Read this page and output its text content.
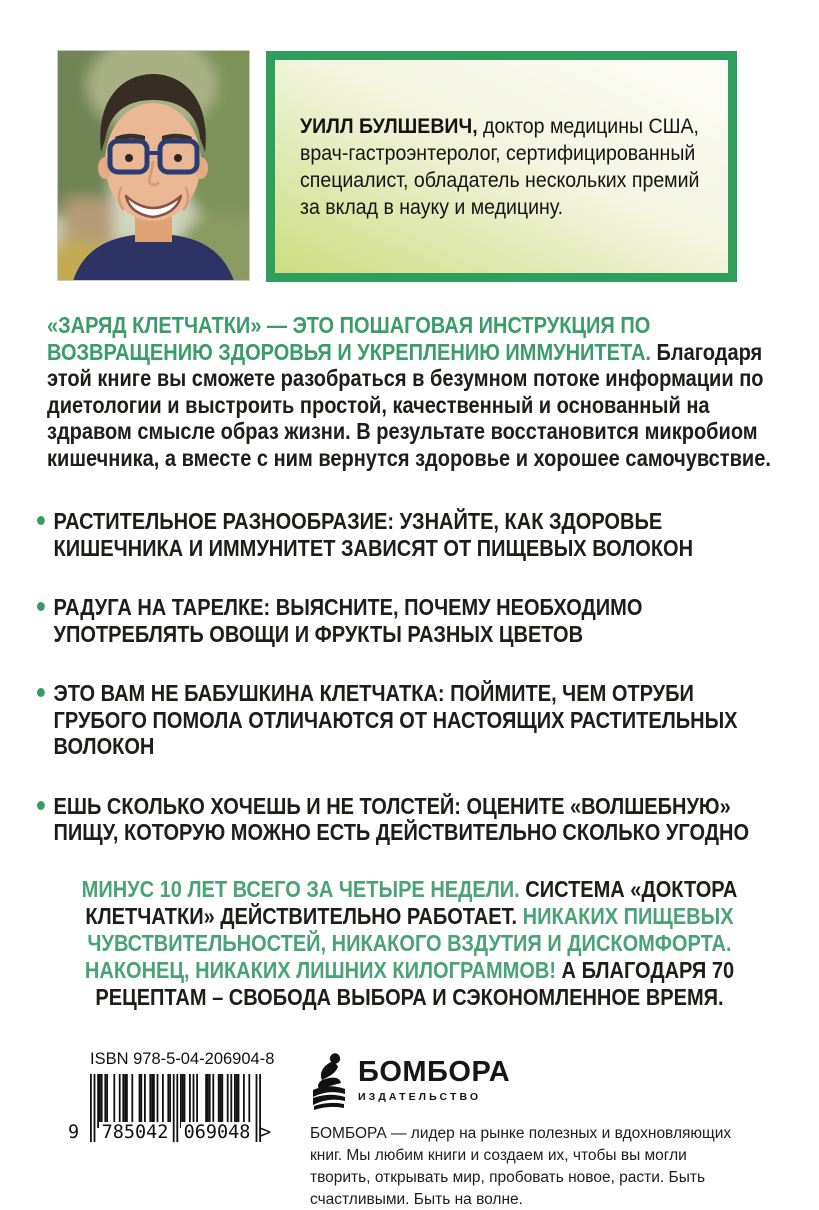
УИЛЛ БУЛШЕВИЧ, доктор медицины США, врач-гастроэнтеролог, сертифицированный специалист, обладатель нескольких премий за вклад в науку и медицину.
«ЗАРЯД КЛЕТЧАТКИ» — ЭТО ПОШАГОВАЯ ИНСТРУКЦИЯ ПО ВОЗВРАЩЕНИЮ ЗДОРОВЬЯ И УКРЕПЛЕНИЮ ИММУНИТЕТА. Благодаря этой книге вы сможете разобраться в безумном потоке информации по диетологии и выстроить простой, качественный и основанный на здравом смысле образ жизни. В результате восстановится микробиом кишечника, а вместе с ним вернутся здоровье и хорошее самочувствие.
РАСТИТЕЛЬНОЕ РАЗНООБРАЗИЕ: УЗНАЙТЕ, КАК ЗДОРОВЬЕ КИШЕЧНИКА И ИММУНИТЕТ ЗАВИСЯТ ОТ ПИЩЕВЫХ ВОЛОКОН
РАДУГА НА ТАРЕЛКЕ: ВЫЯСНИТЕ, ПОЧЕМУ НЕОБХОДИМО УПОТРЕБЛЯТЬ ОВОЩИ И ФРУКТЫ РАЗНЫХ ЦВЕТОВ
ЭТО ВАМ НЕ БАБУШКИНА КЛЕТЧАТКА: ПОЙМИТЕ, ЧЕМ ОТРУБИ ГРУБОГО ПОМОЛА ОТЛИЧАЮТСЯ ОТ НАСТОЯЩИХ РАСТИТЕЛЬНЫХ ВОЛОКОН
ЕШЬ СКОЛЬКО ХОЧЕШЬ И НЕ ТОЛСТЕЙ: ОЦЕНИТЕ «ВОЛШЕБНУЮ» ПИЩУ, КОТОРУЮ МОЖНО ЕСТЬ ДЕЙСТВИТЕЛЬНО СКОЛЬКО УГОДНО
МИНУС 10 ЛЕТ ВСЕГО ЗА ЧЕТЫРЕ НЕДЕЛИ. СИСТЕМА «ДОКТОРА КЛЕТЧАТКИ» ДЕЙСТВИТЕЛЬНО РАБОТАЕТ. НИКАКИХ ПИЩЕВЫХ ЧУВСТВИТЕЛЬНОСТЕЙ, НИКАКОГО ВЗДУТИЯ И ДИСКОМФОРТА. НАКОНЕЦ, НИКАКИХ ЛИШНИХ КИЛОГРАММОВ! А БЛАГОДАРЯ 70 РЕЦЕПТАМ – СВОБОДА ВЫБОРА И СЭКОНОМЛЕННОЕ ВРЕМЯ.
ISBN 978-5-04-206904-8
9 785042 069048 >
БОМБОРА
ИЗДАТЕЛЬСТВО
БОМБОРА — лидер на рынке полезных и вдохновляющих книг. Мы любим книги и создаем их, чтобы вы могли творить, открывать мир, пробовать новое, расти. Быть счастливыми. Быть на волне.
